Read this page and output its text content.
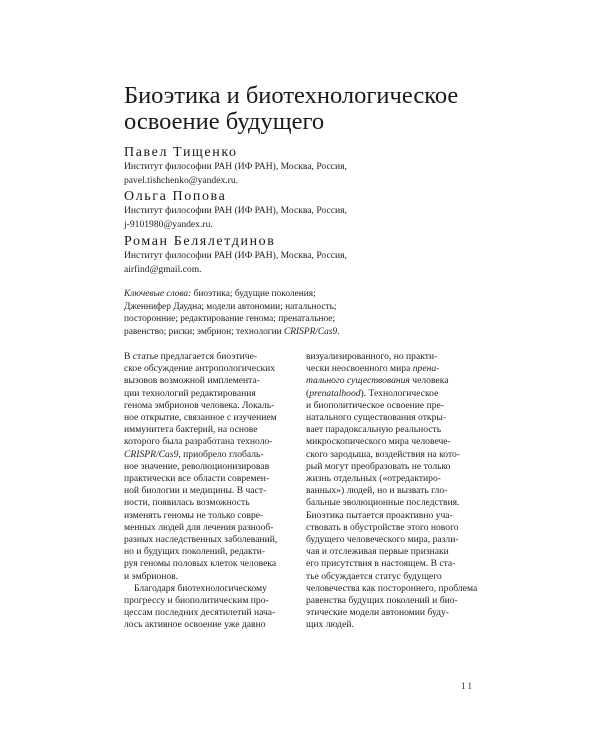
Биоэтика и биотехнологическое
освоение будущего
Павел Тищенко
Институт философии РАН (ИФ РАН), Москва, Россия,
pavel.tishchenko@yandex.ru.
Ольга Попова
Институт философии РАН (ИФ РАН), Москва, Россия,
j-9101980@yandex.ru.
Роман Белялетдинов
Институт философии РАН (ИФ РАН), Москва, Россия,
airfind@gmail.com.
Ключевые слова: биоэтика; будущие поколения;
Дженнифер Даудна; модели автономии; натальность;
посторонние; редактирование генома; пренатальное;
равенство; риски; эмбрион; технологии CRISPR/Cas9.
В статье предлагается биоэтиче-
ское обсуждение антропологических
вызовов возможной имплемента-
ции технологий редактирования
генома эмбрионов человека. Локаль-
ное открытие, связанное с изучением
иммунитета бактерий, на основе
которого была разработана техноло-
CRISPR/Cas9, приобрело глобаль-
ное значение, революционизировав
практически все области современ-
ной биологии и медицины. В част-
ности, появилась возможность
изменять геномы не только совре-
менных людей для лечения разнооб-
разных наследственных заболеваний,
но и будущих поколений, редакти-
руя геномы половых клеток человека
и эмбрионов.
Благодаря биотехнологическому
прогрессу и биополитическим про-
цессам последних десятилетий нача-
лось активное освоение уже давно
визуализированного, но практи-
чески неосвоенного мира прена-
тального существования человека
(prenatalhood). Технологическое
и биополитическое освоение пре-
натального существования откры-
вает парадоксальную реальность
микроскопического мира человече-
ского зародыша, воздействия на кото-
рый могут преобразовать не только
жизнь отдельных («отредактиро-
ванных») людей, но и вызвать гло-
бальные эволюционные последствия.
Биоэтика пытается проактивно уча-
ствовать в обустройстве этого нового
будущего человеческого мира, разли-
чая и отслеживая первые признаки
его присутствия в настоящем. В ста-
тье обсуждается статус будущего
человечества как постороннего, проблема
равенства будущих поколений и био-
этические модели автономии буду-
щих людей.
11
